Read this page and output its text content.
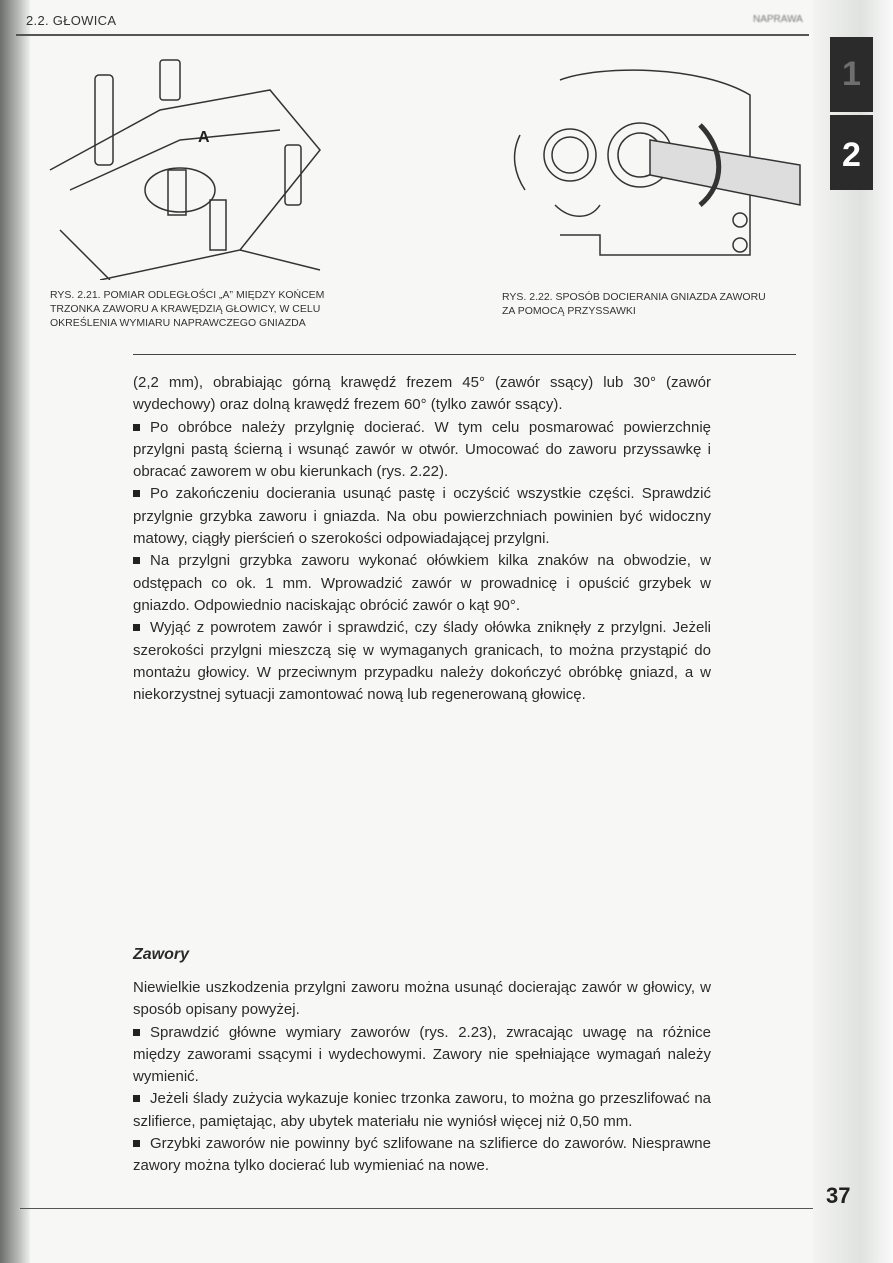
2.2. GŁOWICA	NAPRAWA
1
2
A
RYS. 2.21. POMIAR ODLEGŁOŚCI „A” MIĘDZY KOŃCEM
TRZONKA ZAWORU A KRAWĘDZIĄ GŁOWICY, W CELU
OKREŚLENIA WYMIARU NAPRAWCZEGO GNIAZDA
RYS. 2.22. SPOSÓB DOCIERANIA GNIAZDA ZAWORU
ZA POMOCĄ PRZYSSAWKI

(2,2 mm), obrabiając górną krawędź frezem 45° (zawór ssący) lub 30° (zawór wydechowy) oraz dolną krawędź frezem 60° (tylko zawór ssący).

Po obróbce należy przylgnię docierać. W tym celu posmarować powierzchnię przylgni pastą ścierną i wsunąć zawór w otwór. Umocować do zaworu przyssawkę i obracać zaworem w obu kierunkach (rys. 2.22).

Po zakończeniu docierania usunąć pastę i oczyścić wszystkie części. Sprawdzić przylgnie grzybka zaworu i gniazda. Na obu powierzchniach powinien być widoczny matowy, ciągły pierścień o szerokości odpowiadającej przylgni.

Na przylgni grzybka zaworu wykonać ołówkiem kilka znaków na obwodzie, w odstępach co ok. 1 mm. Wprowadzić zawór w prowadnicę i opuścić grzybek w gniazdo. Odpowiednio naciskając obrócić zawór o kąt 90°.

Wyjąć z powrotem zawór i sprawdzić, czy ślady ołówka zniknęły z przylgni. Jeżeli szerokości przylgni mieszczą się w wymaganych granicach, to można przystąpić do montażu głowicy. W przeciwnym przypadku należy dokończyć obróbkę gniazd, a w niekorzystnej sytuacji zamontować nową lub regenerowaną głowicę.

Zawory

Niewielkie uszkodzenia przylgni zaworu można usunąć docierając zawór w głowicy, w sposób opisany powyżej.

Sprawdzić główne wymiary zaworów (rys. 2.23), zwracając uwagę na różnice między zaworami ssącymi i wydechowymi. Zawory nie spełniające wymagań należy wymienić.

Jeżeli ślady zużycia wykazuje koniec trzonka zaworu, to można go przeszlifować na szlifierce, pamiętając, aby ubytek materiału nie wyniósł więcej niż 0,50 mm.

Grzybki zaworów nie powinny być szlifowane na szlifierce do zaworów. Niesprawne zawory można tylko docierać lub wymieniać na nowe.

37
